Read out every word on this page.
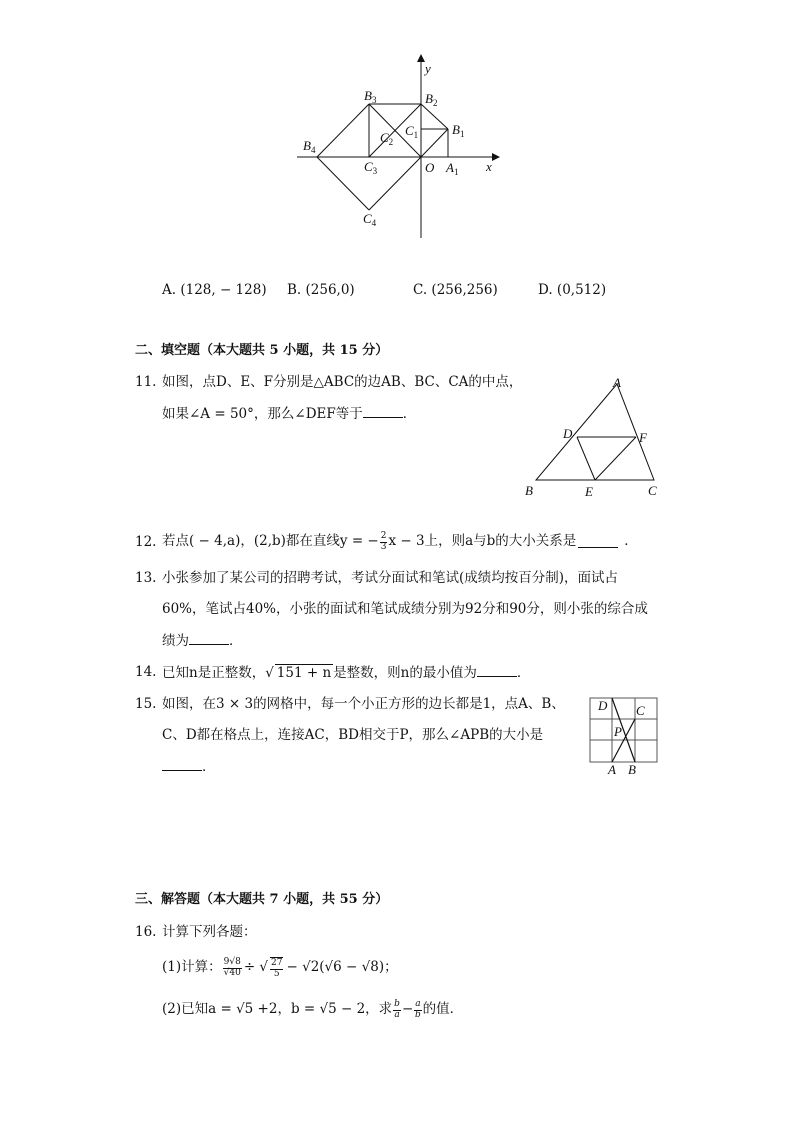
y
x
$B_3$	$B_2$
$C_1$	$B_1$
$C_2$
$B_4$
$C_3$	O $A_1$
$C_4$
A. (128, − 128) B. (256,0)	C. (256,256)	D. (0,512)
二、填空题（本大题共 5 小题，共 15 分）
11. 如图，点D、E、F分别是△ABC的边AB、BC、CA的中点，
如果∠A = 50°，那么∠DEF等于	．
A
B	C
D
E
F
12. 若点( − 4,a)，(2,b)都在直线y = − $\frac{2}{3}$ x − 3上，则a与b的大小关系是	．
13. 小张参加了某公司的招聘考试，考试分面试和笔试(成绩均按百分制)，面试占
60%，笔试占40%，小张的面试和笔试成绩分别为92分和90分，则小张的综合成
绩为	．
14. 已知n是正整数，√ 151 + n 是整数，则n的最小值为	．
15. 如图，在3 × 3的网格中，每一个小正方形的边长都是1，点A、B、
C、D都在格点上，连接AC，BD相交于P，那么∠APB的大小是
．
D C
P
A B
三、解答题（本大题共 7 小题，共 55 分）
16. 计算下列各题：
(1)计算： $\frac{9√8}{√40}$ ÷ √ $\frac{27}{5} - √2(√6 - √8)$；
(2)已知a = √5 +2，b = √5 − 2，求 $\frac{b}{a} - \frac{a}{b}$ 的值．
